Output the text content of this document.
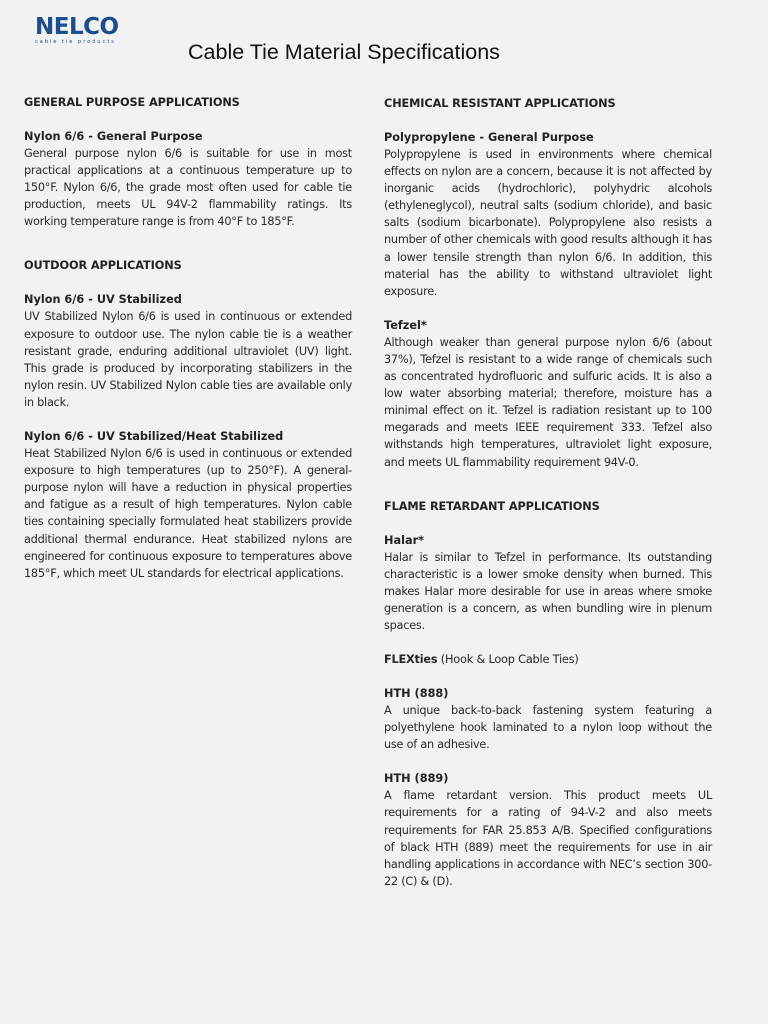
NELCO
cable tie products	Cable Tie Material Specifications

GENERAL PURPOSE APPLICATIONS

Nylon 6/6 - General Purpose

General purpose nylon 6/6 is suitable for use in most practical applications at a continuous temperature up to 150°F. Nylon 6/6, the grade most often used for cable tie production, meets UL 94V-2 flammability ratings. Its working temperature range is from 40°F to 185°F.

OUTDOOR APPLICATIONS

Nylon 6/6 - UV Stabilized

UV Stabilized Nylon 6/6 is used in continuous or extended exposure to outdoor use. The nylon cable tie is a weather resistant grade, enduring additional ultraviolet (UV) light. This grade is produced by incorporating stabilizers in the nylon resin. UV Stabilized Nylon cable ties are available only in black.

Nylon 6/6 - UV Stabilized/Heat Stabilized

Heat Stabilized Nylon 6/6 is used in continuous or extended exposure to high temperatures (up to 250°F). A general-purpose nylon will have a reduction in physical properties and fatigue as a result of high temperatures. Nylon cable ties containing specially formulated heat stabilizers provide additional thermal endurance. Heat stabilized nylons are engineered for continuous exposure to temperatures above 185°F, which meet UL standards for electrical applications.

CHEMICAL RESISTANT APPLICATIONS

Polypropylene - General Purpose

Polypropylene is used in environments where chemical effects on nylon are a concern, because it is not affected by inorganic acids (hydrochloric), polyhydric alcohols (ethyleneglycol), neutral salts (sodium chloride), and basic salts (sodium bicarbonate). Polypropylene also resists a number of other chemicals with good results although it has a lower tensile strength than nylon 6/6. In addition, this material has the ability to withstand ultraviolet light exposure.

Tefzel*

Although weaker than general purpose nylon 6/6 (about 37%), Tefzel is resistant to a wide range of chemicals such as concentrated hydrofluoric and sulfuric acids. It is also a low water absorbing material; therefore, moisture has a minimal effect on it. Tefzel is radiation resistant up to 100 megarads and meets IEEE requirement 333. Tefzel also withstands high temperatures, ultraviolet light exposure, and meets UL flammability requirement 94V-0.

FLAME RETARDANT APPLICATIONS

Halar*

Halar is similar to Tefzel in performance. Its outstanding characteristic is a lower smoke density when burned. This makes Halar more desirable for use in areas where smoke generation is a concern, as when bundling wire in plenum spaces.

FLEXties (Hook & Loop Cable Ties)

HTH (888)

A unique back-to-back fastening system featuring a polyethylene hook laminated to a nylon loop without the use of an adhesive.

HTH (889)

A flame retardant version. This product meets UL requirements for a rating of 94-V-2 and also meets requirements for FAR 25.853 A/B. Specified configurations of black HTH (889) meet the requirements for use in air handling applications in accordance with NEC’s section 300-22 (C) & (D).
